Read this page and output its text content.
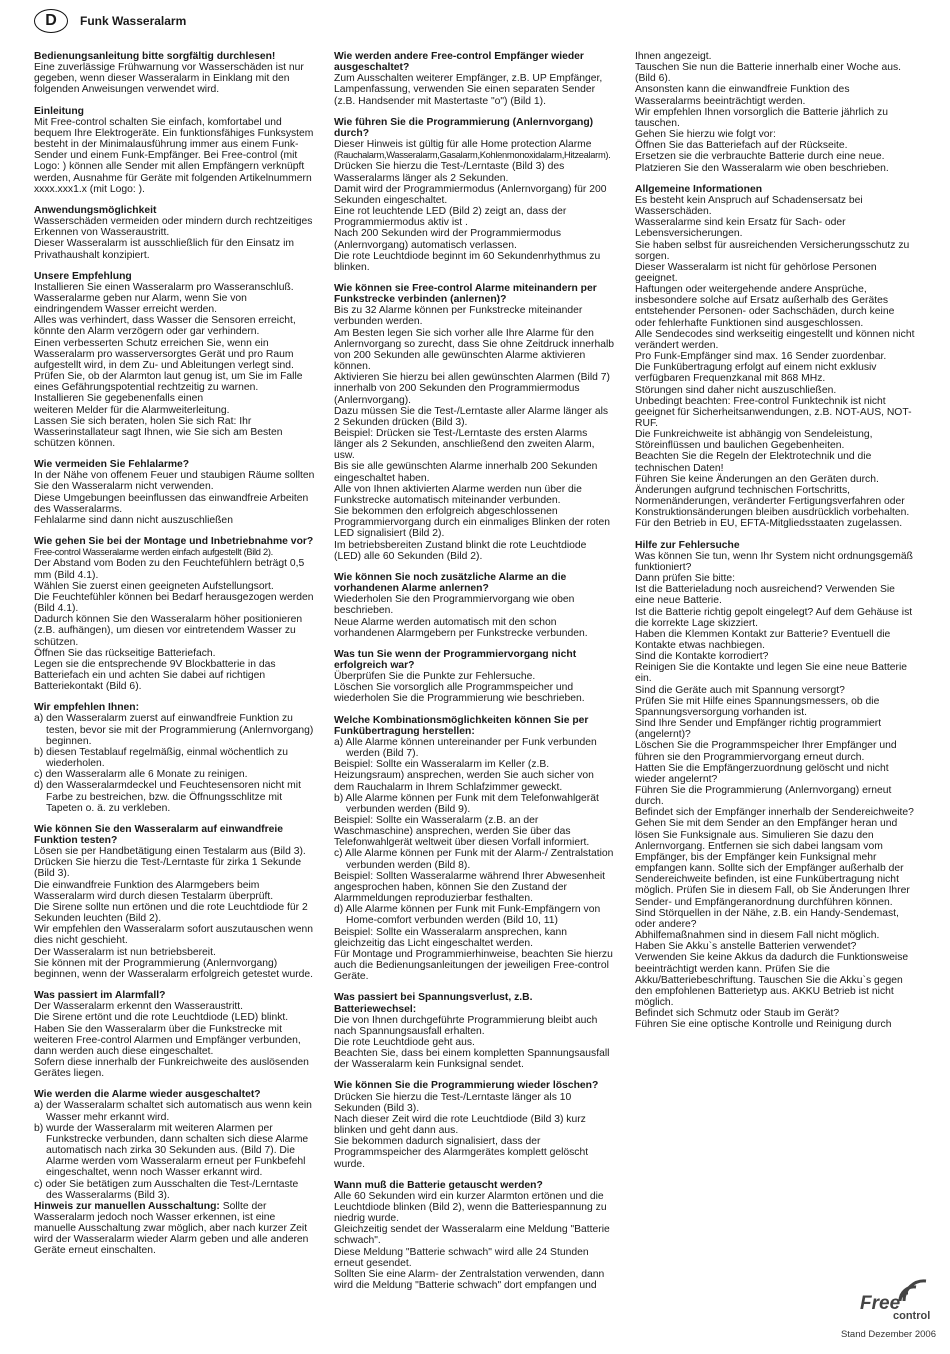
D	Funk Wasseralarm
Bedienungsanleitung bitte sorgfältig durchlesen!

Eine zuverlässige Frühwarnung vor Wasserschäden ist nur gegeben, wenn dieser Wasseralarm in Einklang mit den folgenden Anweisungen verwendet wird.

Einleitung

Mit Free-control schalten Sie einfach, komfortabel und bequem Ihre Elektrogeräte. Ein funktionsfähiges Funksystem besteht in der Minimalausführung immer aus einem Funk-Sender und einem Funk-Empfänger. Bei Free-control (mit Logo: ) können alle Sender mit allen Empfängern verknüpft werden, Ausnahme für Geräte mit folgenden Artikelnummern xxxx.xxx1.x (mit Logo: ).

Anwendungsmöglichkeit

Wasserschäden vermeiden oder mindern durch rechtzeitiges Erkennen von Wasseraustritt.

Dieser Wasseralarm ist ausschließlich für den Einsatz im Privathaushalt konzipiert.

Unsere Empfehlung

Installieren Sie einen Wasseralarm pro Wasseranschluß.

Wasseralarme geben nur Alarm, wenn Sie von eindringendem Wasser erreicht werden.

Alles was verhindert, dass Wasser die Sensoren erreicht, könnte den Alarm verzögern oder gar verhindern.

Einen verbesserten Schutz erreichen Sie, wenn ein Wasseralarm pro wasserversorgtes Gerät und pro Raum aufgestellt wird, in dem Zu- und Ableitungen verlegt sind.

Prüfen Sie, ob der Alarmton laut genug ist, um Sie im Falle eines Gefährungspotential rechtzeitig zu warnen.

Installieren Sie gegebenenfalls einen

weiteren Melder für die Alarmweiterleitung.

Lassen Sie sich beraten, holen Sie sich Rat: Ihr Wasserinstallateur sagt Ihnen, wie Sie sich am Besten schützen können.

Wie vermeiden Sie Fehlalarme?

In der Nähe von offenem Feuer und staubigen Räume sollten Sie den Wasseralarm nicht verwenden.

Diese Umgebungen beeinflussen das einwandfreie Arbeiten des Wasseralarms.

Fehlalarme sind dann nicht auszuschließen

Wie gehen Sie bei der Montage und Inbetriebnahme vor?

Free-control Wasseralarme werden einfach aufgestellt (Bild 2).

Der Abstand vom Boden zu den Feuchtefühlern beträgt 0,5 mm (Bild 4.1).

Wählen Sie zuerst einen geeigneten Aufstellungsort.

Die Feuchtefühler können bei Bedarf herausgezogen werden (Bild 4.1).

Dadurch können Sie den Wasseralarm höher positionieren (z.B. aufhängen), um diesen vor eintretendem Wasser zu schützen.

Öffnen Sie das rückseitige Batteriefach.

Legen sie die entsprechende 9V Blockbatterie in das Batteriefach ein und achten Sie dabei auf richtigen Batteriekontakt (Bild 6).

Wir empfehlen Ihnen:

a) den Wasseralarm zuerst auf einwandfreie Funktion zu testen, bevor sie mit der Programmierung (Anlernvorgang) beginnen.

b) diesen Testablauf regelmäßig, einmal wöchentlich zu wiederholen.

c) den Wasseralarm alle 6 Monate zu reinigen.

d) den Wasseralarmdeckel und Feuchtesensoren nicht mit Farbe zu bestreichen, bzw. die Öffnungsschlitze mit Tapeten o. ä. zu verkleben.

Wie können Sie den Wasseralarm auf einwandfreie Funktion testen?

Lösen sie per Handbetätigung einen Testalarm aus (Bild 3).

Drücken Sie hierzu die Test-/Lerntaste für zirka 1 Sekunde (Bild 3).

Die einwandfreie Funktion des Alarmgebers beim Wasseralarm wird durch diesen Testalarm überprüft.

Die Sirene sollte nun ertönen und die rote Leuchtdiode für 2 Sekunden leuchten (Bild 2).

Wir empfehlen den Wasseralarm sofort auszutauschen wenn dies nicht geschieht.

Der Wasseralarm ist nun betriebsbereit.

Sie können mit der Programmierung (Anlernvorgang) beginnen, wenn der Wasseralarm erfolgreich getestet wurde.

Was passiert im Alarmfall?

Der Wasseralarm erkennt den Wasseraustritt.

Die Sirene ertönt und die rote Leuchtdiode (LED) blinkt.

Haben Sie den Wasseralarm über die Funkstrecke mit weiteren Free-control Alarmen und Empfänger verbunden, dann werden auch diese eingeschaltet.

Sofern diese innerhalb der Funkreichweite des auslösenden Gerätes liegen.

Wie werden die Alarme wieder ausgeschaltet?

a) der Wasseralarm schaltet sich automatisch aus wenn kein Wasser mehr erkannt wird.

b) wurde der Wasseralarm mit weiteren Alarmen per Funkstrecke verbunden, dann schalten sich diese Alarme automatisch nach zirka 30 Sekunden aus. (Bild 7). Die Alarme werden vom Wasseralarm erneut per Funkbefehl eingeschaltet, wenn noch Wasser erkannt wird.

c) oder Sie betätigen zum Ausschalten die Test-/Lerntaste des Wasseralarms (Bild 3).

Hinweis zur manuellen Ausschaltung: Sollte der Wasseralarm jedoch noch Wasser erkennen, ist eine manuelle Ausschaltung zwar möglich, aber nach kurzer Zeit wird der Wasseralarm wieder Alarm geben und alle anderen Geräte erneut einschalten.

Wie werden andere Free-control Empfänger wieder ausgeschaltet?

Zum Ausschalten weiterer Empfänger, z.B. UP Empfänger, Lampenfassung, verwenden Sie einen separaten Sender (z.B. Handsender mit Mastertaste "o") (Bild 1).

Wie führen Sie die Programmierung (Anlernvorgang) durch?

Dieser Hinweis ist gültig für alle Home protection Alarme

(Rauchalarm,Wasseralarm,Gasalarm,Kohlenmonoxidalarm,Hitzealarm).

Drücken Sie hierzu die Test-/Lerntaste (Bild 3) des Wasseralarms länger als 2 Sekunden.

Damit wird der Programmiermodus (Anlernvorgang) für 200 Sekunden eingeschaltet.

Eine rot leuchtende LED (Bild 2) zeigt an, dass der Programmiermodus aktiv ist .

Nach 200 Sekunden wird der Programmiermodus (Anlernvorgang) automatisch verlassen.

Die rote Leuchtdiode beginnt im 60 Sekundenrhythmus zu blinken.

Wie können sie Free-control Alarme miteinandern per Funkstrecke verbinden (anlernen)?

Bis zu 32 Alarme können per Funkstrecke miteinander verbunden werden.

Am Besten legen Sie sich vorher alle Ihre Alarme für den Anlernvorgang so zurecht, dass Sie ohne Zeitdruck innerhalb von 200 Sekunden alle gewünschten Alarme aktivieren können.

Aktivieren Sie hierzu bei allen gewünschten Alarmen (Bild 7) innerhalb von 200 Sekunden den Programmiermodus (Anlernvorgang).

Dazu müssen Sie die Test-/Lerntaste aller Alarme länger als 2 Sekunden drücken (Bild 3).

Beispiel: Drücken sie Test-/Lerntaste des ersten Alarms länger als 2 Sekunden, anschließend den zweiten Alarm, usw.

Bis sie alle gewünschten Alarme innerhalb 200 Sekunden eingeschaltet haben.

Alle von Ihnen aktivierten Alarme werden nun über die Funkstrecke automatisch miteinander verbunden.

Sie bekommen den erfolgreich abgeschlossenen Programmiervorgang durch ein einmaliges Blinken der roten LED signalisiert (Bild 2).

Im betriebsbereiten Zustand blinkt die rote Leuchtdiode (LED) alle 60 Sekunden (Bild 2).

Wie können Sie noch zusätzliche Alarme an die vorhandenen Alarme anlernen?

Wiederholen Sie den Programmiervorgang wie oben beschrieben.

Neue Alarme werden automatisch mit den schon vorhandenen Alarmgebern per Funkstrecke verbunden.

Was tun Sie wenn der Programmiervorgang nicht erfolgreich war?

Überprüfen Sie die Punkte zur Fehlersuche.

Löschen Sie vorsorglich alle Programmspeicher und wiederholen Sie die Programmierung wie beschrieben.

Welche Kombinationsmöglichkeiten können Sie per Funkübertragung herstellen:

a) Alle Alarme können untereinander per Funk verbunden werden (Bild 7).

Beispiel: Sollte ein Wasseralarm im Keller (z.B. Heizungsraum) ansprechen, werden Sie auch sicher von dem Rauchalarm in Ihrem Schlafzimmer geweckt.

b) Alle Alarme können per Funk mit dem Telefonwahlgerät verbunden werden (Bild 9).

Beispiel: Sollte ein Wasseralarm (z.B. an der Waschmaschine) ansprechen, werden Sie über das Telefonwahlgerät weltweit über diesen Vorfall informiert.

c) Alle Alarme können per Funk mit der Alarm-/ Zentralstation verbunden werden (Bild 8).

Beispiel: Sollten Wasseralarme während Ihrer Abwesenheit angesprochen haben, können Sie den Zustand der Alarmmeldungen reproduzierbar festhalten.

d) Alle Alarme können per Funk mit Funk-Empfängern von Home-comfort verbunden werden (Bild 10, 11)

Beispiel: Sollte ein Wasseralarm ansprechen, kann gleichzeitig das Licht eingeschaltet werden.

Für Montage und Programmierhinweise, beachten Sie hierzu auch die Bedienungsanleitungen der jeweiligen Free-control Geräte.

Was passiert bei Spannungsverlust, z.B. Batteriewechsel:

Die von Ihnen durchgeführte Programmierung bleibt auch nach Spannungsausfall erhalten.

Die rote Leuchtdiode geht aus.

Beachten Sie, dass bei einem kompletten Spannungsausfall der Wasseralarm kein Funksignal sendet.

Wie können Sie die Programmierung wieder löschen?

Drücken Sie hierzu die Test-/Lerntaste länger als 10 Sekunden (Bild 3).

Nach dieser Zeit wird die rote Leuchtdiode (Bild 3) kurz blinken und geht dann aus.

Sie bekommen dadurch signalisiert, dass der Programmspeicher des Alarmgerätes komplett gelöscht wurde.

Wann muß die Batterie getauscht werden?

Alle 60 Sekunden wird ein kurzer Alarmton ertönen und die Leuchtdiode blinken (Bild 2), wenn die Batteriespannung zu niedrig wurde.

Gleichzeitig sendet der Wasseralarm eine Meldung "Batterie schwach".

Diese Meldung "Batterie schwach" wird alle 24 Stunden erneut gesendet.

Sollten Sie eine Alarm- der Zentralstation verwenden, dann wird die Meldung "Batterie schwach" dort empfangen und

Ihnen angezeigt.

Tauschen Sie nun die Batterie innerhalb einer Woche aus. (Bild 6).

Ansonsten kann die einwandfreie Funktion des Wasseralarms beeinträchtigt werden.

Wir empfehlen Ihnen vorsorglich die Batterie jährlich zu tauschen.

Gehen Sie hierzu wie folgt vor:

Öffnen Sie das Batteriefach auf der Rückseite.

Ersetzen sie die verbrauchte Batterie durch eine neue.

Platzieren Sie den Wasseralarm wie oben beschrieben.

Allgemeine Informationen

Es besteht kein Anspruch auf Schadensersatz bei Wasserschäden.

Wasseralarme sind kein Ersatz für Sach- oder Lebensversicherungen.

Sie haben selbst für ausreichenden Versicherungsschutz zu sorgen.

Dieser Wasseralarm ist nicht für gehörlose Personen geeignet.

Haftungen oder weitergehende andere Ansprüche, insbesondere solche auf Ersatz außerhalb des Gerätes entstehender Personen- oder Sachschäden, durch keine oder fehlerhafte Funktionen sind ausgeschlossen.

Alle Sendecodes sind werkseitig eingestellt und können nicht verändert werden.

Pro Funk-Empfänger sind max. 16 Sender zuordenbar.

Die Funkübertragung erfolgt auf einem nicht exklusiv verfügbaren Frequenzkanal mit 868 MHz.

Störungen sind daher nicht auszuschließen.

Unbedingt beachten: Free-control Funktechnik ist nicht geeignet für Sicherheitsanwendungen, z.B. NOT-AUS, NOT-RUF.

Die Funkreichweite ist abhängig von Sendeleistung, Störeinflüssen und baulichen Gegebenheiten.

Beachten Sie die Regeln der Elektrotechnik und die technischen Daten!

Führen Sie keine Änderungen an den Geräten durch.

Änderungen aufgrund technischen Fortschritts, Normenänderungen, veränderter Fertigungsverfahren oder Konstruktionsänderungen bleiben ausdrücklich vorbehalten.

Für den Betrieb in EU, EFTA-Mitgliedsstaaten zugelassen.

Hilfe zur Fehlersuche

Was können Sie tun, wenn Ihr System nicht ordnungsgemäß funktioniert?

Dann prüfen Sie bitte:

Ist die Batterieladung noch ausreichend? Verwenden Sie eine neue Batterie.

Ist die Batterie richtig gepolt eingelegt? Auf dem Gehäuse ist die korrekte Lage skizziert.

Haben die Klemmen Kontakt zur Batterie? Eventuell die Kontakte etwas nachbiegen.

Sind die Kontakte korrodiert?

Reinigen Sie die Kontakte und legen Sie eine neue Batterie ein.

Sind die Geräte auch mit Spannung versorgt?

Prüfen Sie mit Hilfe eines Spannungsmessers, ob die Spannungsversorgung vorhanden ist.

Sind Ihre Sender und Empfänger richtig programmiert (angelernt)?

Löschen Sie die Programmspeicher Ihrer Empfänger und führen sie den Programmiervorgang erneut durch.

Hatten Sie die Empfängerzuordnung gelöscht und nicht wieder angelernt?

Führen Sie die Programmierung (Anlernvorgang) erneut durch.

Befindet sich der Empfänger innerhalb der Sendereichweite?

Gehen Sie mit dem Sender an den Empfänger heran und lösen Sie Funksignale aus. Simulieren Sie dazu den Anlernvorgang. Entfernen sie sich dabei langsam vom Empfänger, bis der Empfänger kein Funksignal mehr empfangen kann. Sollte sich der Empfänger außerhalb der Sendereichweite befinden, ist eine Funkübertragung nicht möglich. Prüfen Sie in diesem Fall, ob Sie Änderungen Ihrer Sender- und Empfängeranordnung durchführen können.

Sind Störquellen in der Nähe, z.B. ein Handy-Sendemast, oder andere?

Abhilfemaßnahmen sind in diesem Fall nicht möglich.

Haben Sie Akku`s anstelle Batterien verwendet?

Verwenden Sie keine Akkus da dadurch die Funktionsweise beeinträchtigt werden kann. Prüfen Sie die Akku/Batteriebeschriftung. Tauschen Sie die Akku`s gegen den empfohlenen Batterietyp aus. AKKU Betrieb ist nicht möglich.

Befindet sich Schmutz oder Staub im Gerät?

Führen Sie eine optische Kontrolle und Reinigung durch

Free
control
Stand Dezember 2006
